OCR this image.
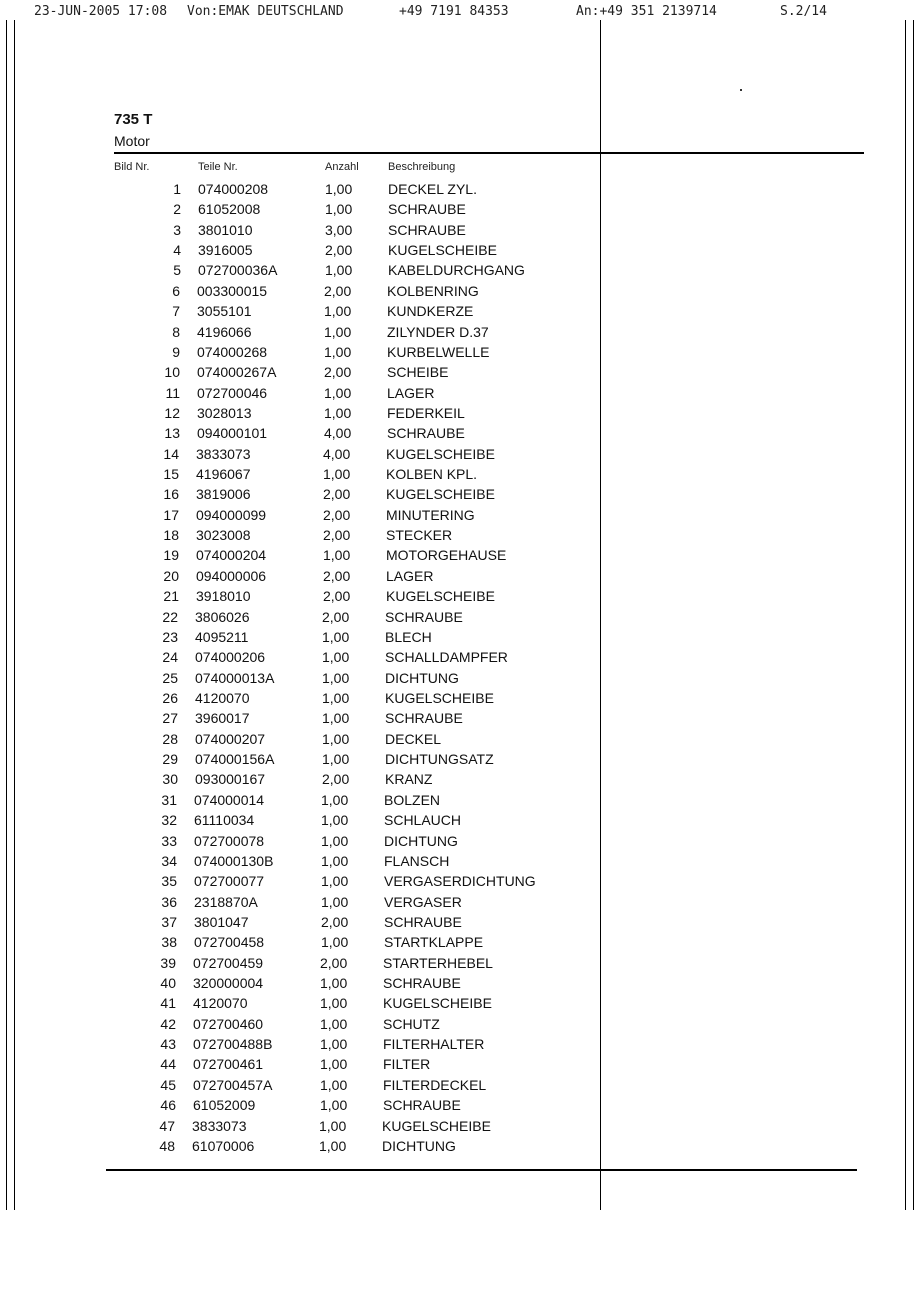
23-JUN-2005 17:08 Von:EMAK DEUTSCHLAND	+49 7191 84353	An:+49 351 2139714	S.2/14
735 T
Motor
Bild Nr.	Teile Nr.	Anzahl	Beschreibung
1 074000208	1,00	DECKEL ZYL.
2 61052008	1,00	SCHRAUBE
3 3801010	3,00	SCHRAUBE
4 3916005	2,00	KUGELSCHEIBE
5 072700036A	1,00	KABELDURCHGANG
6 003300015	2,00	KOLBENRING
7 3055101	1,00	KUNDKERZE
8 4196066	1,00	ZILYNDER D.37
9 074000268	1,00	KURBELWELLE
10 074000267A	2,00	SCHEIBE
11 072700046	1,00	LAGER
12 3028013	1,00	FEDERKEIL
13 094000101	4,00	SCHRAUBE
14 3833073	4,00	KUGELSCHEIBE
15 4196067	1,00	KOLBEN KPL.
16 3819006	2,00	KUGELSCHEIBE
17 094000099	2,00	MINUTERING
18 3023008	2,00	STECKER
19 074000204	1,00	MOTORGEHAUSE
20 094000006	2,00	LAGER
21 3918010	2,00	KUGELSCHEIBE
22 3806026	2,00	SCHRAUBE
23 4095211	1,00	BLECH
24 074000206	1,00	SCHALLDAMPFER
25 074000013A	1,00	DICHTUNG
26 4120070	1,00	KUGELSCHEIBE
27 3960017	1,00	SCHRAUBE
28 074000207	1,00	DECKEL
29 074000156A	1,00	DICHTUNGSATZ
30 093000167	2,00	KRANZ
31 074000014	1,00	BOLZEN
32 61110034	1,00	SCHLAUCH
33 072700078	1,00	DICHTUNG
34 074000130B	1,00	FLANSCH
35 072700077	1,00	VERGASERDICHTUNG
36 2318870A	1,00	VERGASER
37 3801047	2,00	SCHRAUBE
38 072700458	1,00	STARTKLAPPE
39 072700459	2,00	STARTERHEBEL
40 320000004	1,00	SCHRAUBE
41 4120070	1,00	KUGELSCHEIBE
42 072700460	1,00	SCHUTZ
43 072700488B	1,00	FILTERHALTER
44 072700461	1,00	FILTER
45 072700457A	1,00	FILTERDECKEL
46 61052009	1,00	SCHRAUBE
47 3833073	1,00	KUGELSCHEIBE
48 61070006	1,00	DICHTUNG
